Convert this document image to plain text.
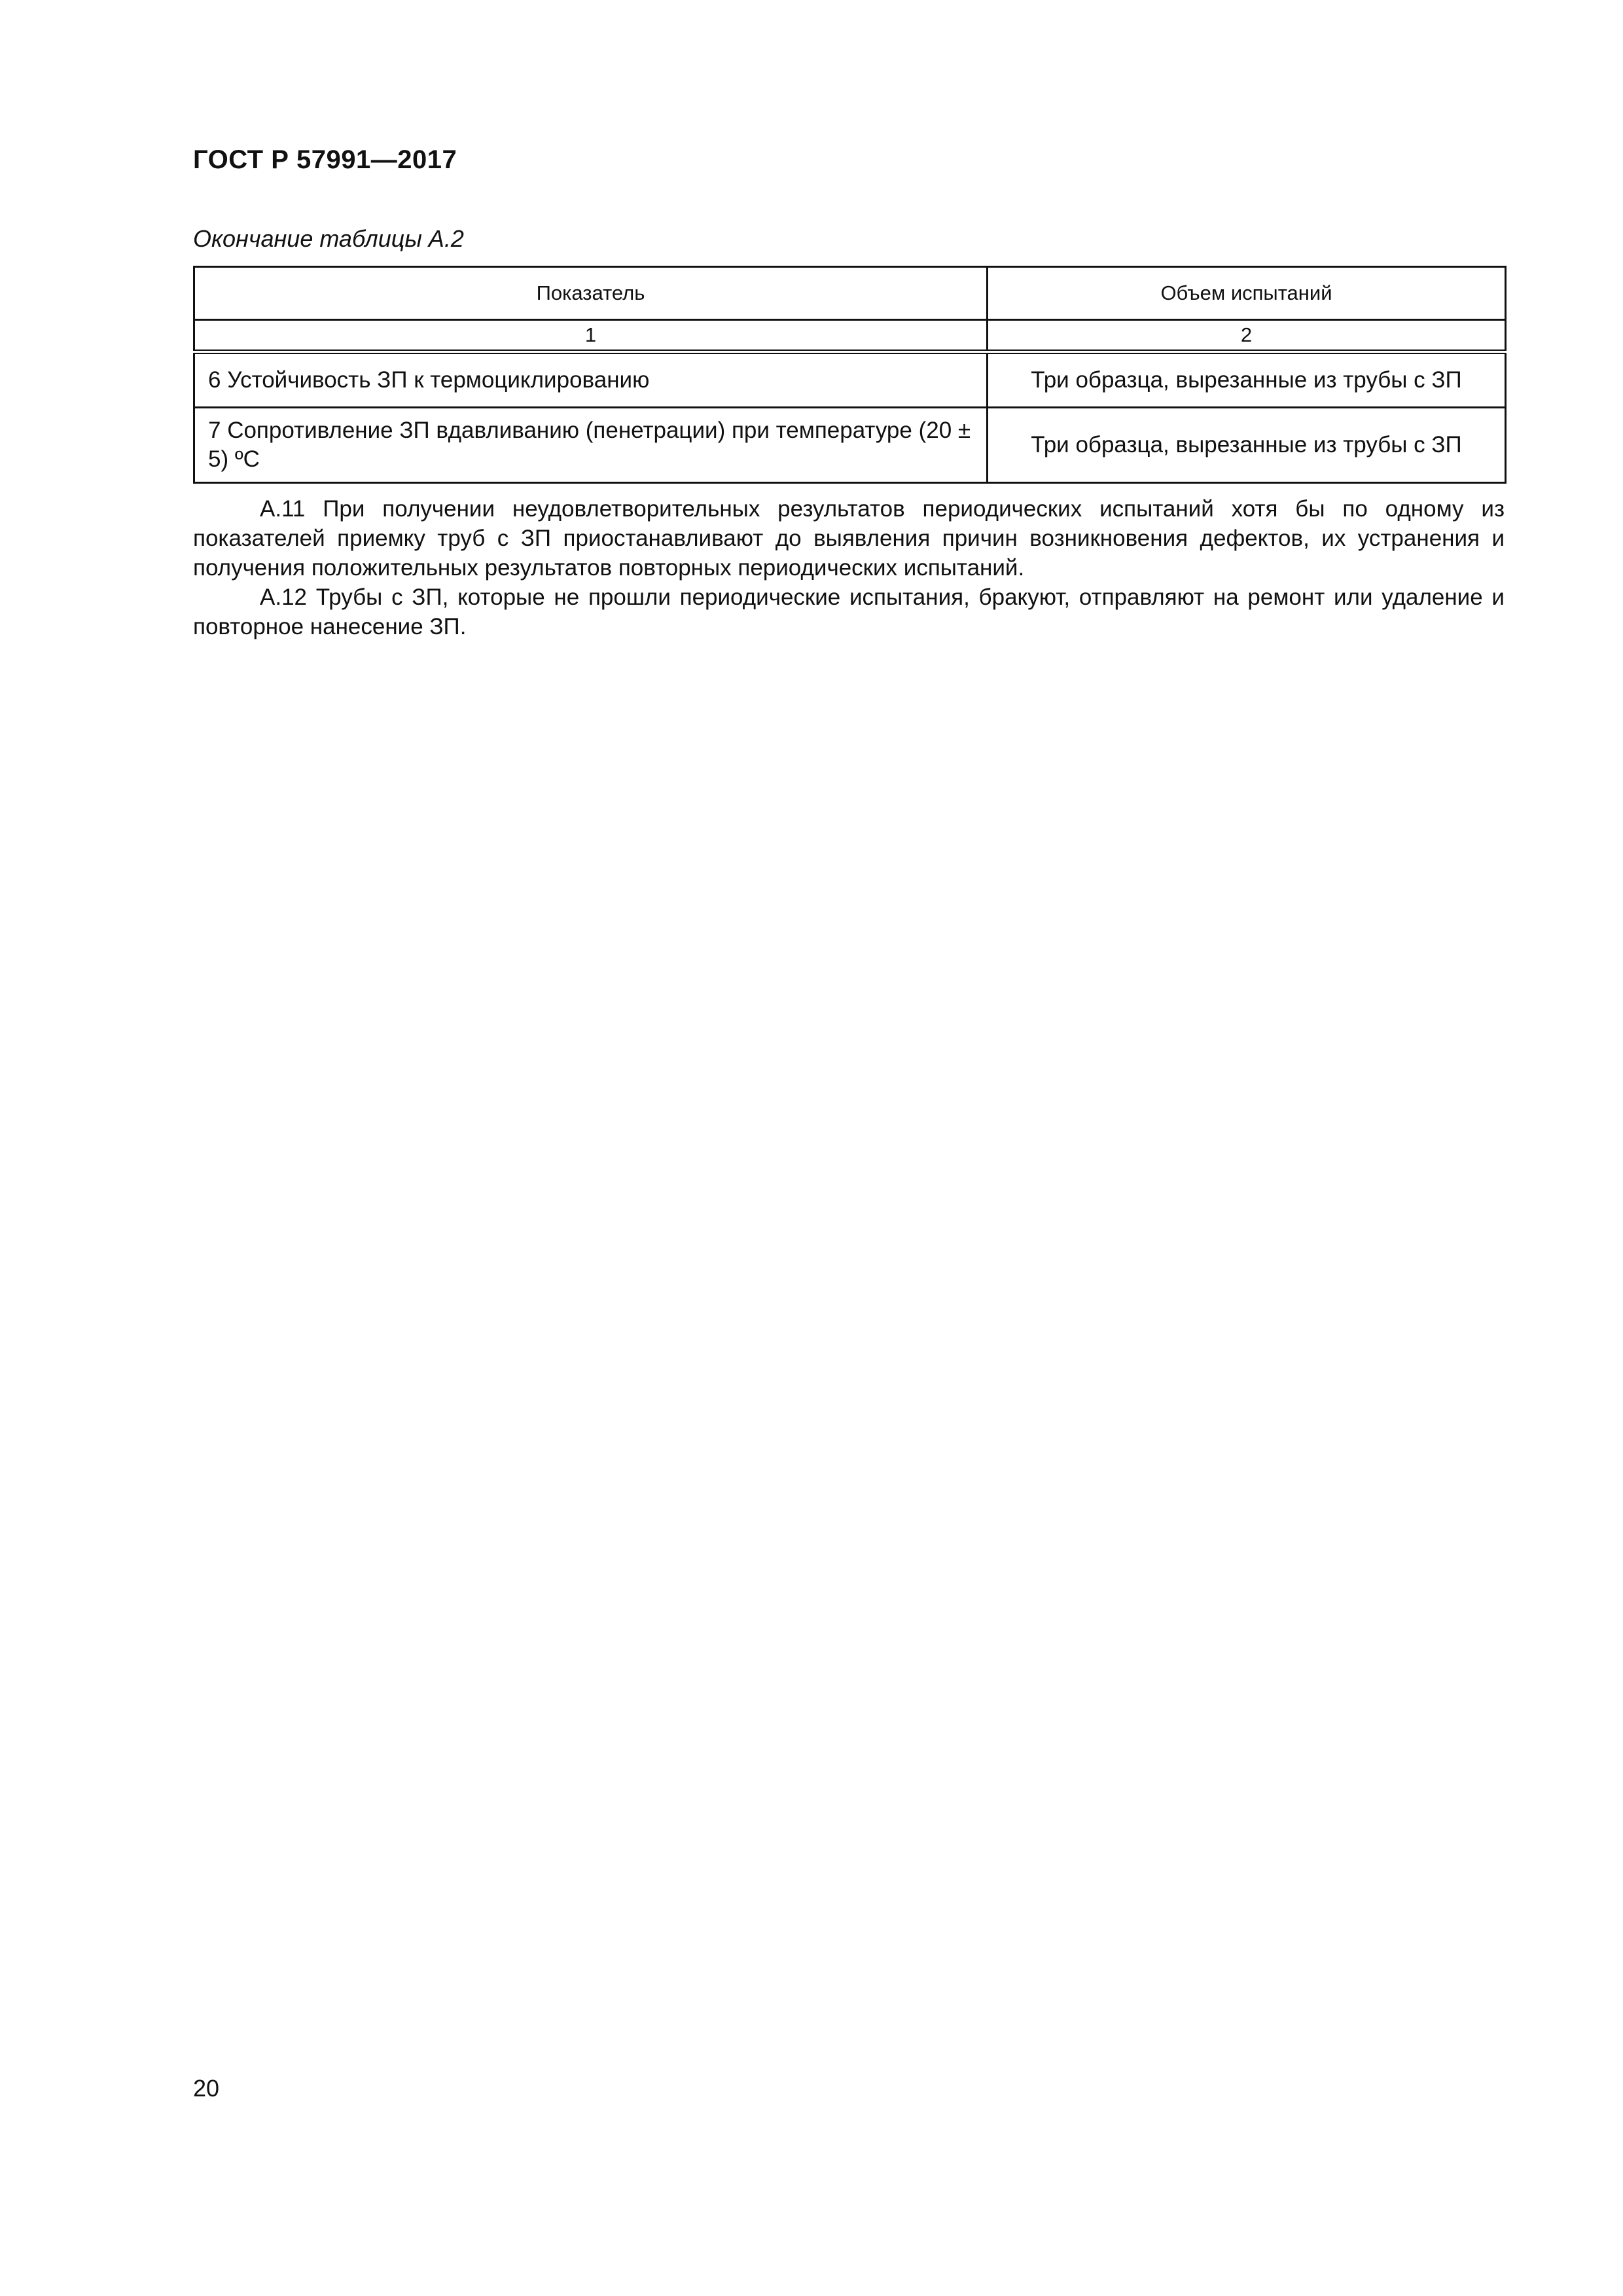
ГОСТ Р 57991—2017
Окончание таблицы А.2
Показатель	Объем испытаний
1	2
6 Устойчивость ЗП к термоциклированию	Три образца, вырезанные из трубы с ЗП
7 Сопротивление ЗП вдавливанию (пенетрации) при температуре (20 ± 5) ºС	Три образца, вырезанные из трубы с ЗП

А.11 При получении неудовлетворительных результатов периодических испытаний хотя бы по одному из показателей приемку труб с ЗП приостанавливают до выявления причин возникновения дефектов, их устранения и получения положительных результатов повторных периодических испытаний.

А.12 Трубы с ЗП, которые не прошли периодические испытания, бракуют, отправляют на ремонт или удаление и повторное нанесение ЗП.

20
